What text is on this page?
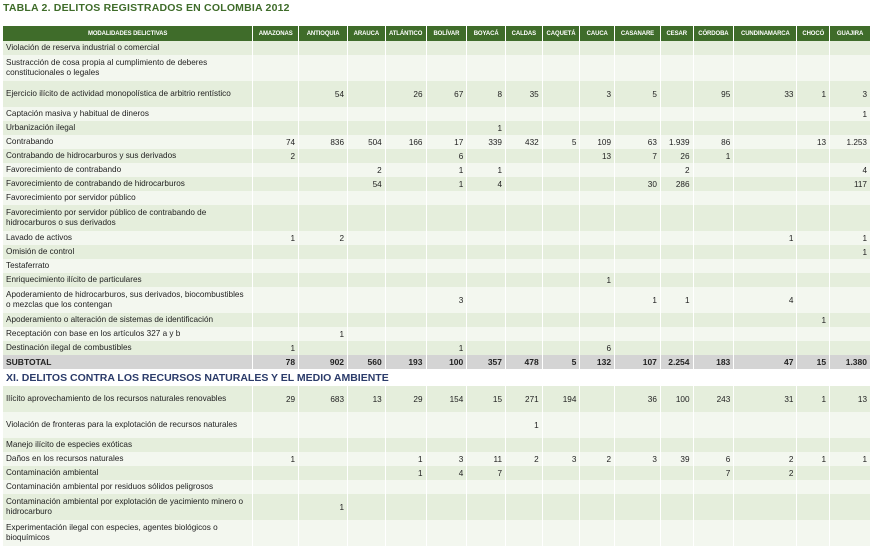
TABLA 2. DELITOS REGISTRADOS EN COLOMBIA 2012
MODALIDADES DELICTIVAS	AMAZONAS	ANTIOQUIA	ARAUCA	ATLÁNTICO	BOLÍVAR	BOYACÁ	CALDAS	CAQUETÁ	CAUCA	CASANARE	CESAR	CÓRDOBA	CUNDINAMARCA	CHOCÓ	GUAJIRA
Violación de reserva industrial o comercial															
Sustracción de cosa propia al cumplimiento de deberes constitucionales o legales															
Ejercicio ilícito de actividad monopolística de arbitrio rentístico		54		26	67	8	35		3	5		95	33	1	3
Captación masiva y habitual de dineros															1
Urbanización ilegal						1									
Contrabando	74	836	504	166	17	339	432	5	109	63	1.939	86		13	1.253
Contrabando de hidrocarburos y sus derivados	2				6				13	7	26	1			
Favorecimiento de contrabando			2		1	1					2				4
Favorecimiento de contrabando de hidrocarburos			54		1	4				30	286				117
Favorecimiento por servidor público															
Favorecimiento por servidor público de contrabando de hidrocarburos o sus derivados															
Lavado de activos	1	2											1		1
Omisión de control															1
Testaferrato															
Enriquecimiento ilícito de particulares									1						
Apoderamiento de hidrocarburos, sus derivados, biocombustibles o mezclas que los contengan					3					1	1		4		
Apoderamiento o alteración de sistemas de identificación														1	
Receptación con base en los artículos 327 a y b		1													
Destinación ilegal de combustibles	1				1				6						
SUBTOTAL	78	902	560	193	100	357	478	5	132	107	2.254	183	47	15	1.380
XI. DELITOS CONTRA LOS RECURSOS NATURALES Y EL MEDIO AMBIENTE															
Ilícito aprovechamiento de los recursos naturales renovables	29	683	13	29	154	15	271	194		36	100	243	31	1	13
Violación de fronteras para la explotación de recursos naturales							1								
Manejo ilícito de especies exóticas															
Daños en los recursos naturales	1			1	3	11	2	3	2	3	39	6	2	1	1
Contaminación ambiental				1	4	7						7	2		
Contaminación ambiental por residuos sólidos peligrosos															
Contaminación ambiental por explotación de yacimiento minero o hidrocarburo		1													
Experimentación ilegal con especies, agentes biológicos o bioquímicos															
